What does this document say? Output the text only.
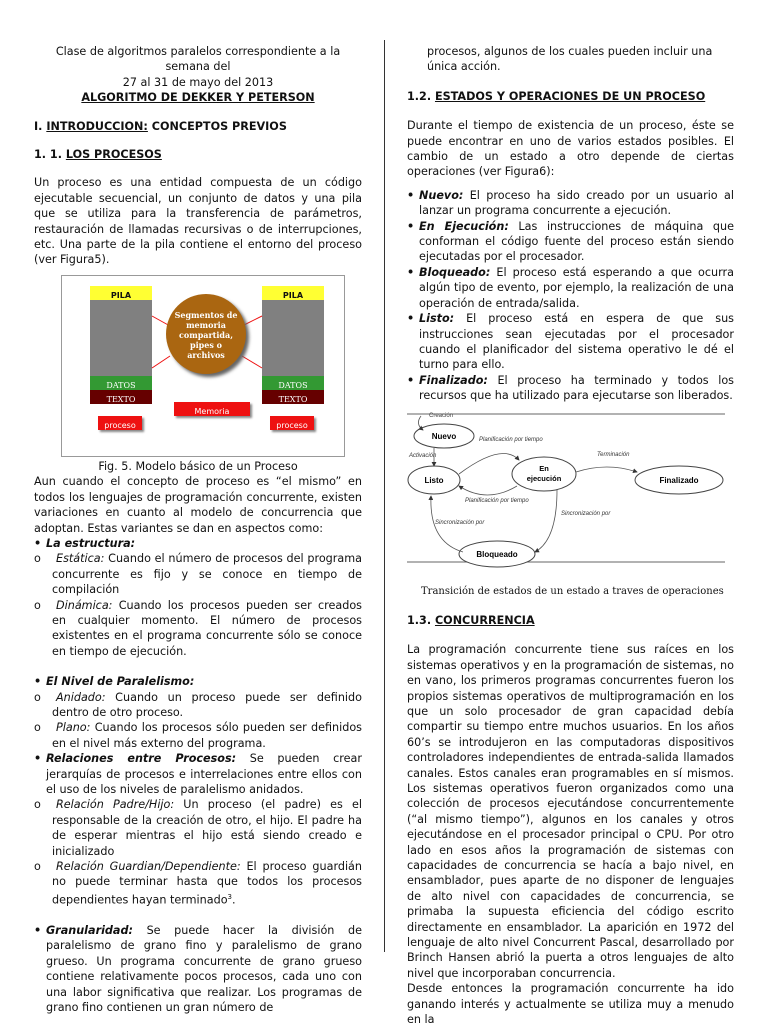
Clase de algoritmos paralelos correspondiente a la semana del

27 al 31 de mayo del 2013

ALGORITMO DE DEKKER Y PETERSON

I. INTRODUCCION: CONCEPTOS PREVIOS

1. 1. LOS PROCESOS

Un proceso es una entidad compuesta de un código ejecutable secuencial, un conjunto de datos y una pila que se utiliza para la transferencia de parámetros, restauración de llamadas recursivas o de interrupciones, etc. Una parte de la pila contiene el entorno del proceso (ver Figura5).

PILA
DATOS
TEXTO
proceso
PILA
DATOS
TEXTO
proceso
Segmentos de memoria compartida, pipes o archivos
Memoria Compartida

Fig. 5. Modelo básico de un Proceso

Aun cuando el concepto de proceso es “el mismo” en todos los lenguajes de programación concurrente, existen variaciones en cuanto al modelo de concurrencia que adoptan. Estas variantes se dan en aspectos como:

• La estructura:

o Estática: Cuando el número de procesos del programa concurrente es fijo y se conoce en tiempo de compilación

o Dinámica: Cuando los procesos pueden ser creados en cualquier momento. El número de procesos existentes en el programa concurrente sólo se conoce en tiempo de ejecución.

• El Nivel de Paralelismo:

o Anidado: Cuando un proceso puede ser definido dentro de otro proceso.

o Plano: Cuando los procesos sólo pueden ser definidos en el nivel más externo del programa.

• Relaciones entre Procesos: Se pueden crear jerarquías de procesos e interrelaciones entre ellos con el uso de los niveles de paralelismo anidados.

o Relación Padre/Hijo: Un proceso (el padre) es el responsable de la creación de otro, el hijo. El padre ha de esperar mientras el hijo está siendo creado e inicializado

o Relación Guardian/Dependiente: El proceso guardián no puede terminar hasta que todos los procesos dependientes hayan terminado$^3$.

• Granularidad: Se puede hacer la división de paralelismo de grano fino y paralelismo de grano grueso. Un programa concurrente de grano grueso contiene relativamente pocos procesos, cada uno con una labor significativa que realizar. Los programas de grano fino contienen un gran número de

procesos, algunos de los cuales pueden incluir una única acción.

1.2. ESTADOS Y OPERACIONES DE UN PROCESO

Durante el tiempo de existencia de un proceso, éste se puede encontrar en uno de varios estados posibles. El cambio de un estado a otro depende de ciertas operaciones (ver Figura6):

• Nuevo: El proceso ha sido creado por un usuario al lanzar un programa concurrente a ejecución.

• En Ejecución: Las instrucciones de máquina que conforman el código fuente del proceso están siendo ejecutadas por el procesador.

• Bloqueado: El proceso está esperando a que ocurra algún tipo de evento, por ejemplo, la realización de una operación de entrada/salida.

• Listo: El proceso está en espera de que sus instrucciones sean ejecutadas por el procesador cuando el planificador del sistema operativo le dé el turno para ello.

• Finalizado: El proceso ha terminado y todos los recursos que ha utilizado para ejecutarse son liberados.

Creación
Nuevo	Planificación por tiempo
Activación	Terminación
Listo
En
ejecución	Finalizado
Planificación por tiempo
Sincronización por
Sincronización por
Bloqueado

Transición de estados de un estado a traves de operaciones

1.3. CONCURRENCIA

La programación concurrente tiene sus raíces en los sistemas operativos y en la programación de sistemas, no en vano, los primeros programas concurrentes fueron los propios sistemas operativos de multiprogramación en los que un solo procesador de gran capacidad debía compartir su tiempo entre muchos usuarios. En los años 60’s se introdujeron en las computadoras dispositivos controladores independientes de entrada-salida llamados canales. Estos canales eran programables en sí mismos. Los sistemas operativos fueron organizados como una colección de procesos ejecutándose concurrentemente (“al mismo tiempo”), algunos en los canales y otros ejecutándose en el procesador principal o CPU. Por otro lado en esos años la programación de sistemas con capacidades de concurrencia se hacía a bajo nivel, en ensamblador, pues aparte de no disponer de lenguajes de alto nivel con capacidades de concurrencia, se primaba la supuesta eficiencia del código escrito directamente en ensamblador. La aparición en 1972 del lenguaje de alto nivel Concurrent Pascal, desarrollado por Brinch Hansen abrió la puerta a otros lenguajes de alto nivel que incorporaban concurrencia.

Desde entonces la programación concurrente ha ido ganando interés y actualmente se utiliza muy a menudo en la
